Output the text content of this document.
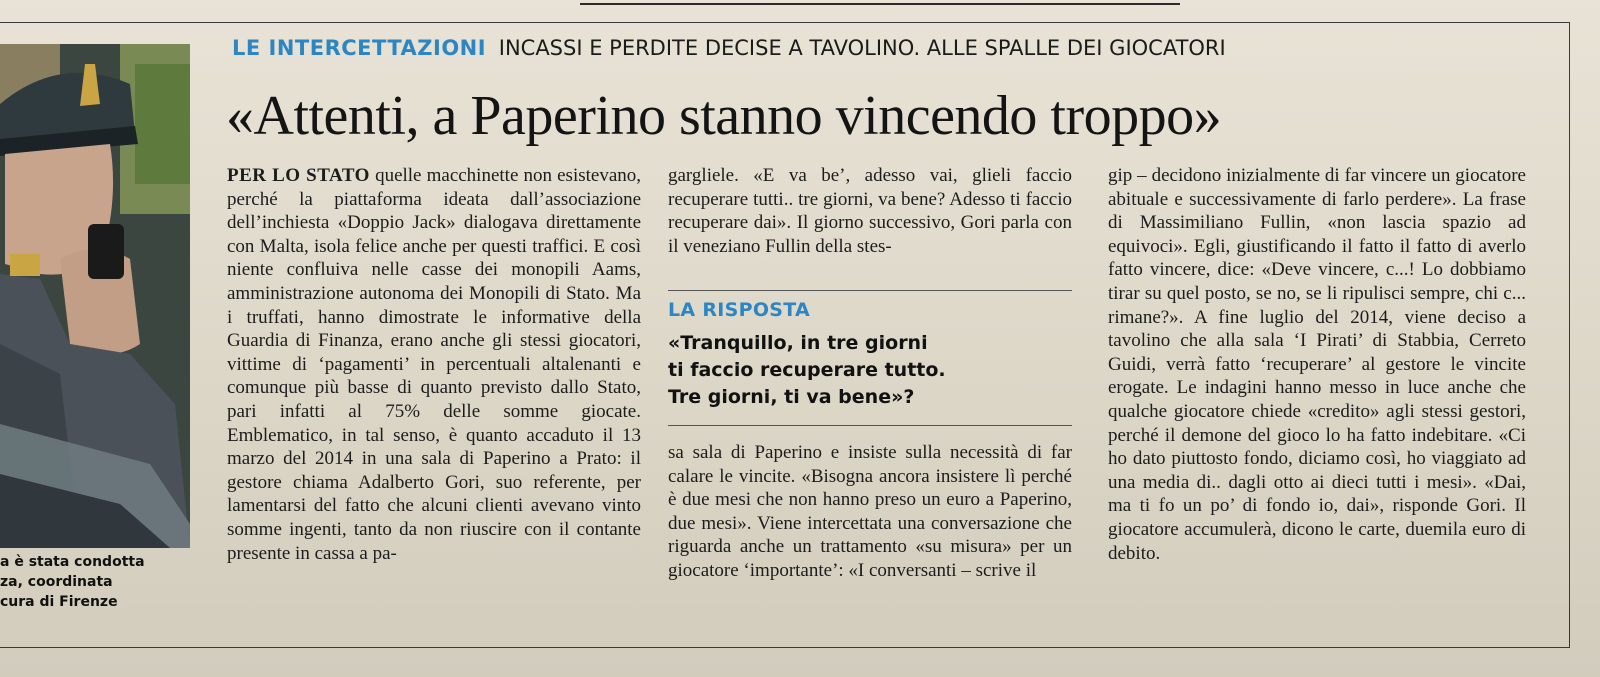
a è stata condotta
za, coordinata
cura di Firenze
LE INTERCETTAZIONI INCASSI E PERDITE DECISE A TAVOLINO. ALLE SPALLE DEI GIOCATORI
«Attenti, a Paperino stanno vincendo troppo»

PER LO STATO quelle macchinette non esistevano, perché la piattaforma ideata dall’associazione dell’inchiesta «Doppio Jack» dialogava direttamente con Malta, isola felice anche per questi traffici. E così niente confluiva nelle casse dei monopili Aams, amministrazione autonoma dei Monopili di Stato. Ma i truffati, hanno dimostrate le informative della Guardia di Finanza, erano anche gli stessi giocatori, vittime di ‘pagamenti’ in percentuali altalenanti e comunque più basse di quanto previsto dallo Stato, pari infatti al 75% delle somme giocate. Emblematico, in tal senso, è quanto accaduto il 13 marzo del 2014 in una sala di Paperino a Prato: il gestore chiama Adalberto Gori, suo referente, per lamentarsi del fatto che alcuni clienti avevano vinto somme ingenti, tanto da non riuscire con il contante presente in cassa a pa-

gargliele. «E va be’, adesso vai, glieli faccio recuperare tutti.. tre giorni, va bene? Adesso ti faccio recuperare dai». Il giorno successivo, Gori parla con il veneziano Fullin della stes-

LA RISPOSTA
«Tranquillo, in tre giorni
ti faccio recuperare tutto.
Tre giorni, ti va bene»?

sa sala di Paperino e insiste sulla necessità di far calare le vincite. «Bisogna ancora insistere lì perché è due mesi che non hanno preso un euro a Paperino, due mesi». Viene intercettata una conversazione che riguarda anche un trattamento «su misura» per un giocatore ‘importante’: «I conversanti – scrive il

gip – decidono inizialmente di far vincere un giocatore abituale e successivamente di farlo perdere». La frase di Massimiliano Fullin, «non lascia spazio ad equivoci». Egli, giustificando il fatto il fatto di averlo fatto vincere, dice: «Deve vincere, c...! Lo dobbiamo tirar su quel posto, se no, se li ripulisci sempre, chi c... rimane?». A fine luglio del 2014, viene deciso a tavolino che alla sala ‘I Pirati’ di Stabbia, Cerreto Guidi, verrà fatto ‘recuperare’ al gestore le vincite erogate. Le indagini hanno messo in luce anche che qualche giocatore chiede «credito» agli stessi gestori, perché il demone del gioco lo ha fatto indebitare. «Ci ho dato piuttosto fondo, diciamo così, ho viaggiato ad una media di.. dagli otto ai dieci tutti i mesi». «Dai, ma ti fo un po’ di fondo io, dai», risponde Gori. Il giocatore accumulerà, dicono le carte, duemila euro di debito.
